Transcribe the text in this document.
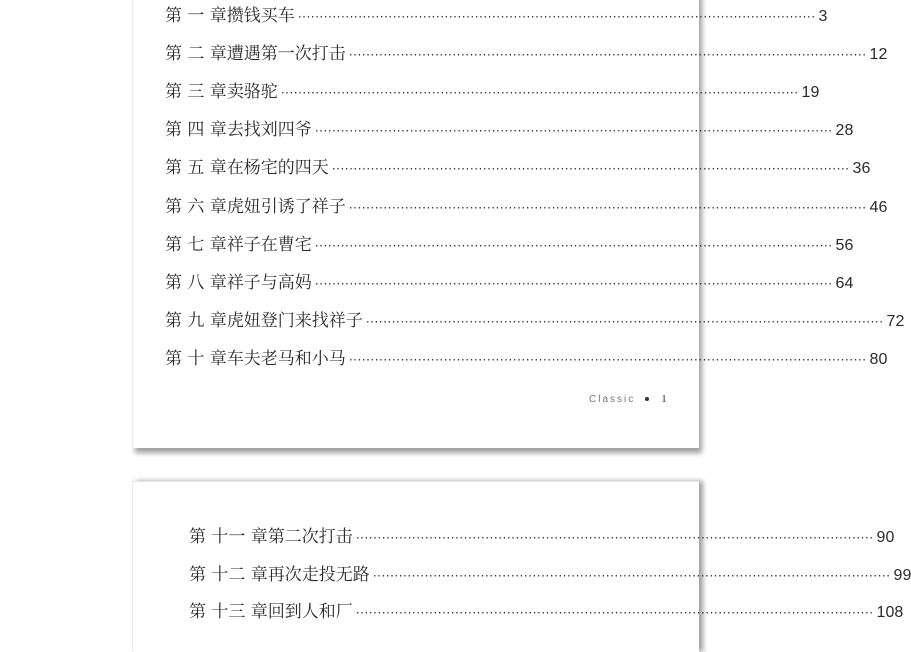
第 一 章 攒钱买车 ························································································································ 3
第 二 章 遭遇第一次打击 ························································································································ 12
第 三 章 卖骆驼 ························································································································ 19
第 四 章 去找刘四爷 ························································································································ 28
第 五 章 在杨宅的四天 ························································································································ 36
第 六 章 虎妞引诱了祥子 ························································································································ 46
第 七 章 祥子在曹宅 ························································································································ 56
第 八 章 祥子与高妈 ························································································································ 64
第 九 章 虎妞登门来找祥子 ························································································································ 72
第 十 章 车夫老马和小马 ························································································································ 80
Classic 1
第 十一 章 第二次打击 ························································································································ 90
第 十二 章 再次走投无路 ························································································································ 99
第 十三 章 回到人和厂 ························································································································ 108
